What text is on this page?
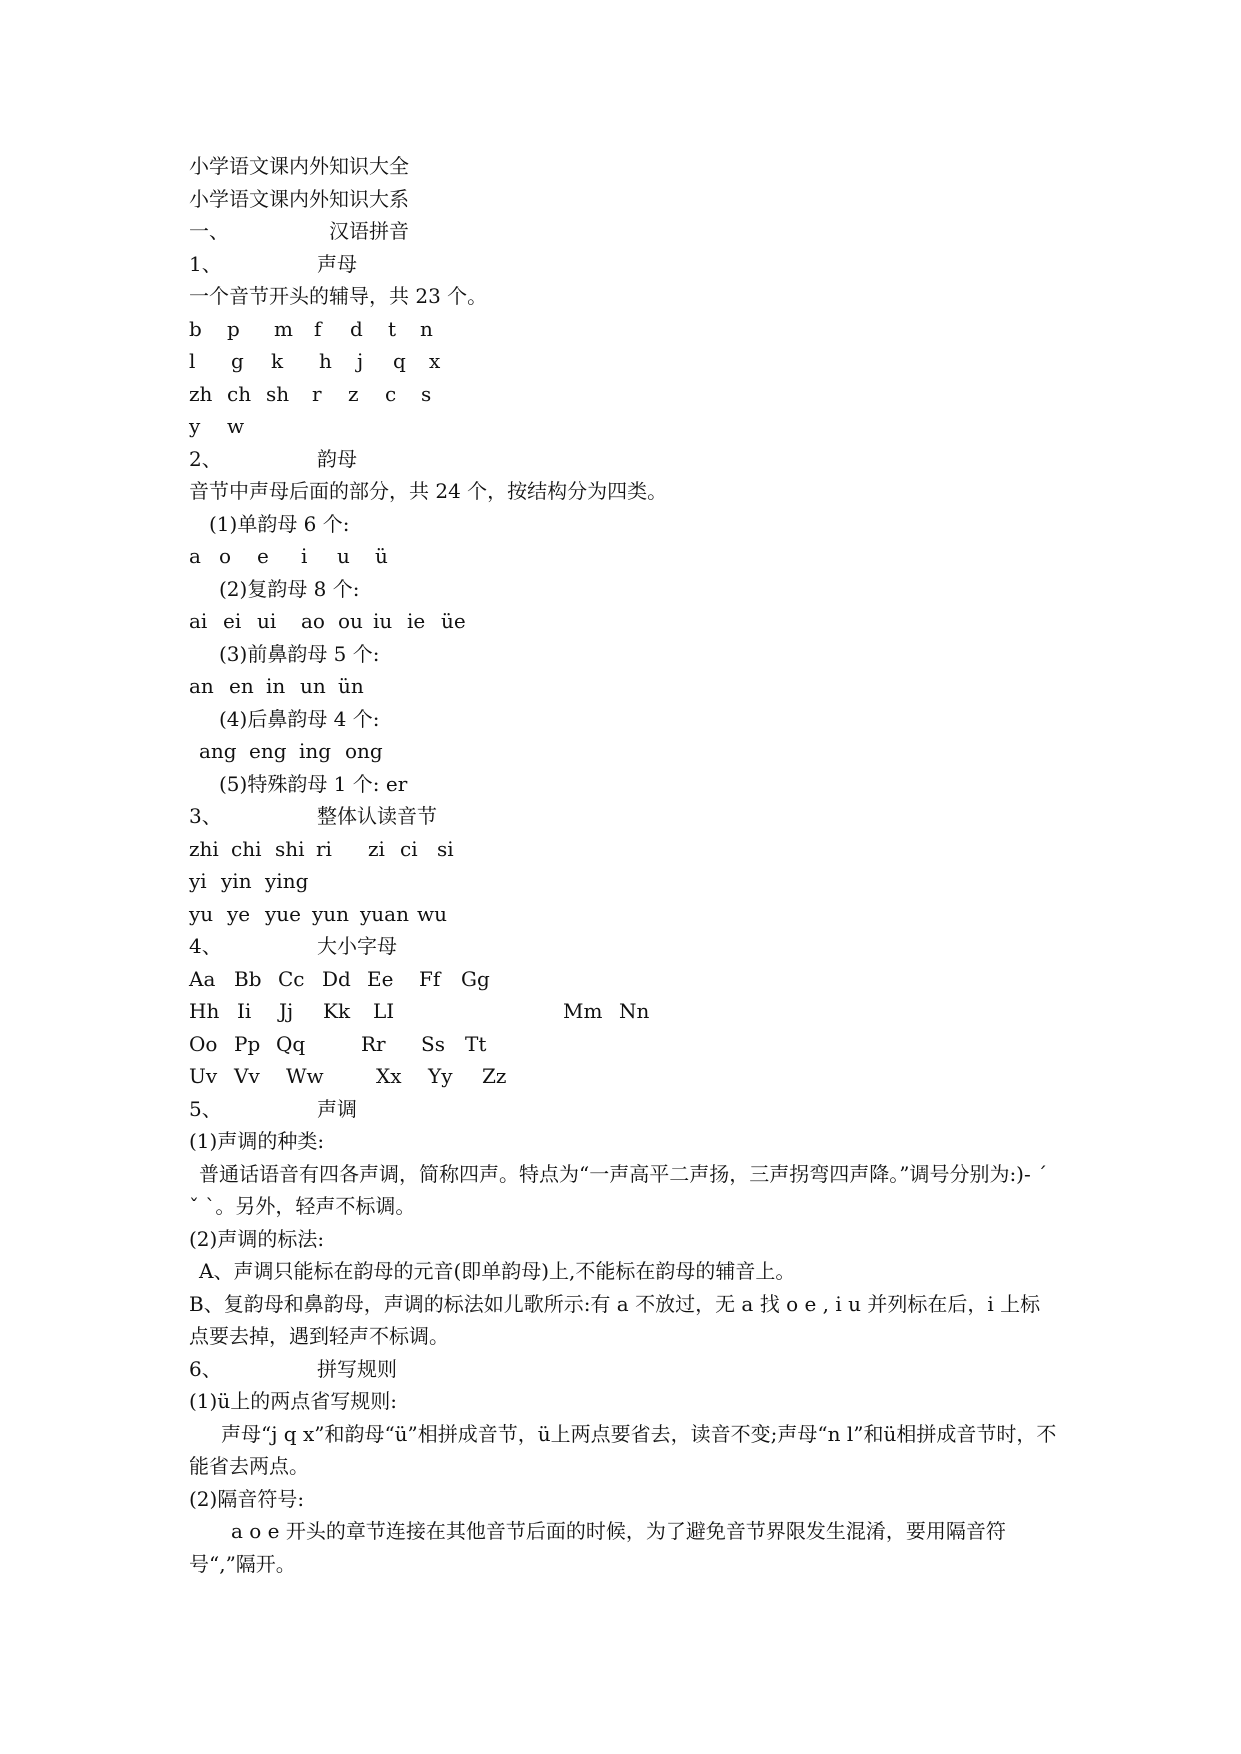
小学语文课内外知识大全
小学语文课内外知识大系
一、	汉语拼音
1、	声母
一个音节开头的辅导，共 23 个。
b	p	m	f	d	t	n
l	g	k	h	j	q	x
zh ch sh	r	z	c	s
y	w
2、	韵母
音节中声母后面的部分，共 24 个，按结构分为四类。
(1)单韵母 6 个:
a o	e	i	u	ü
(2)复韵母 8 个:
ai ei ui	ao ou iu ie üe
(3)前鼻韵母 5 个:
an en in un ün
(4)后鼻韵母 4 个:
ang eng ing ong
(5)特殊韵母 1 个: er
3、	整体认读音节
zhi chi shi ri	zi ci si
yi yin ying
yu ye yue yun yuan wu
4、	大小字母
Aa Bb Cc Dd Ee	Ff	Gg
Hh Ii	Jj	Kk	LI	Mm Nn
Oo Pp Qq	Rr	Ss	Tt
Uv Vv	Ww	Xx	Yy	Zz
5、	声调
(1)声调的种类:
普通话语音有四各声调，简称四声。特点为“一声高平二声扬，三声拐弯四声降。”调号分别为:)- ˊ ˇ ˋ。另外，轻声不标调。
(2)声调的标法:
A、声调只能标在韵母的元音(即单韵母)上,不能标在韵母的辅音上。
B、复韵母和鼻韵母，声调的标法如儿歌所示:有 a 不放过，无 a 找 o e , i u 并列标在后，i 上标点要去掉，遇到轻声不标调。
6、	拼写规则
(1)ü上的两点省写规则:
声母“j q x”和韵母“ü”相拼成音节，ü上两点要省去，读音不变;声母“n l”和ü相拼成音节时，不能省去两点。
(2)隔音符号:
a o e 开头的章节连接在其他音节后面的时候，为了避免音节界限发生混淆，要用隔音符号“,”隔开。
